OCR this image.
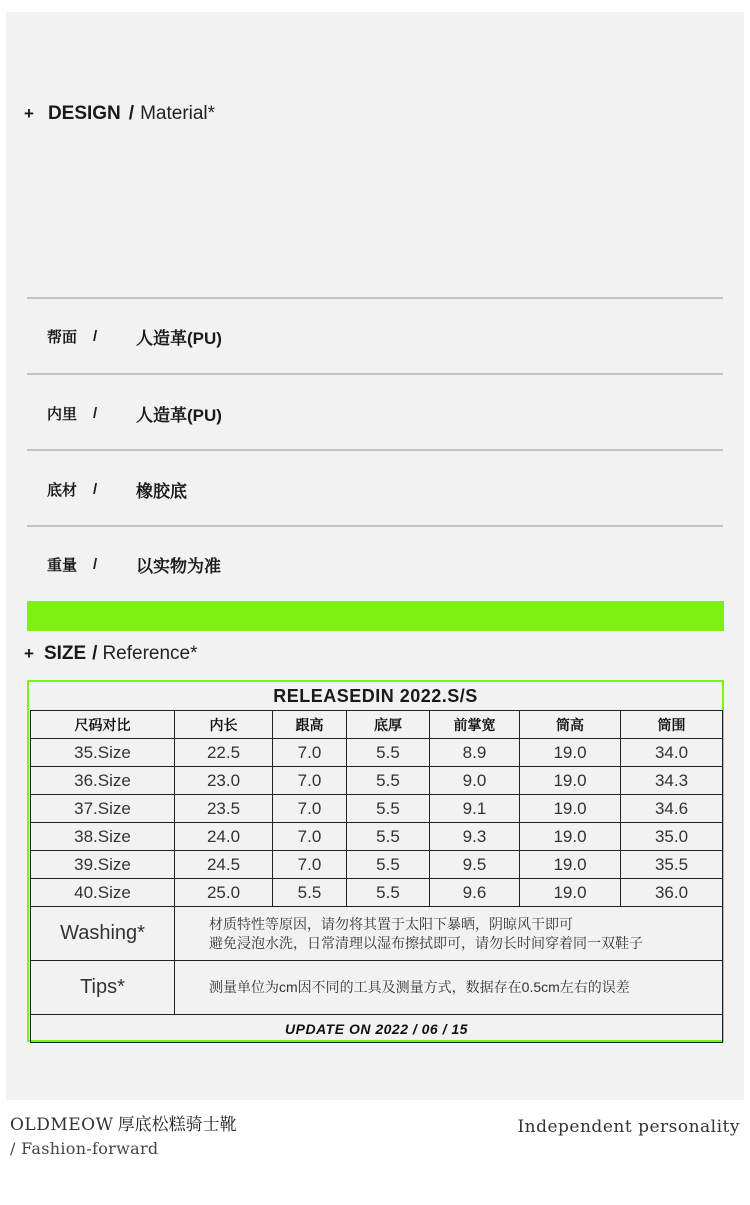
+ DESIGN / Material*
帮面	/	人造革(PU)
内里	/	人造革(PU)
底材	/	橡胶底
重量	/	以实物为准
+ SIZE / Reference*
RELEASEDIN 2022.S/S
尺码对比	内长	跟高	底厚	前掌宽	筒高	筒围
35.Size	22.5	7.0	5.5	8.9	19.0	34.0
36.Size	23.0	7.0	5.5	9.0	19.0	34.3
37.Size	23.5	7.0	5.5	9.1	19.0	34.6
38.Size	24.0	7.0	5.5	9.3	19.0	35.0
39.Size	24.5	7.0	5.5	9.5	19.0	35.5
40.Size	25.0	5.5	5.5	9.6	19.0	36.0
Washing*	材质特性等原因，请勿将其置于太阳下暴晒，阴晾风干即可
避免浸泡水洗，日常清理以湿布擦拭即可，请勿长时间穿着同一双鞋子					

Tips*	测量单位为cm因不同的工具及测量方式，数据存在0.5cm左右的误差					
UPDATE ON 2022 / 06 / 15						
OLDMEOW 厚底松糕骑士靴
/ Fashion-forward
Independent personality
